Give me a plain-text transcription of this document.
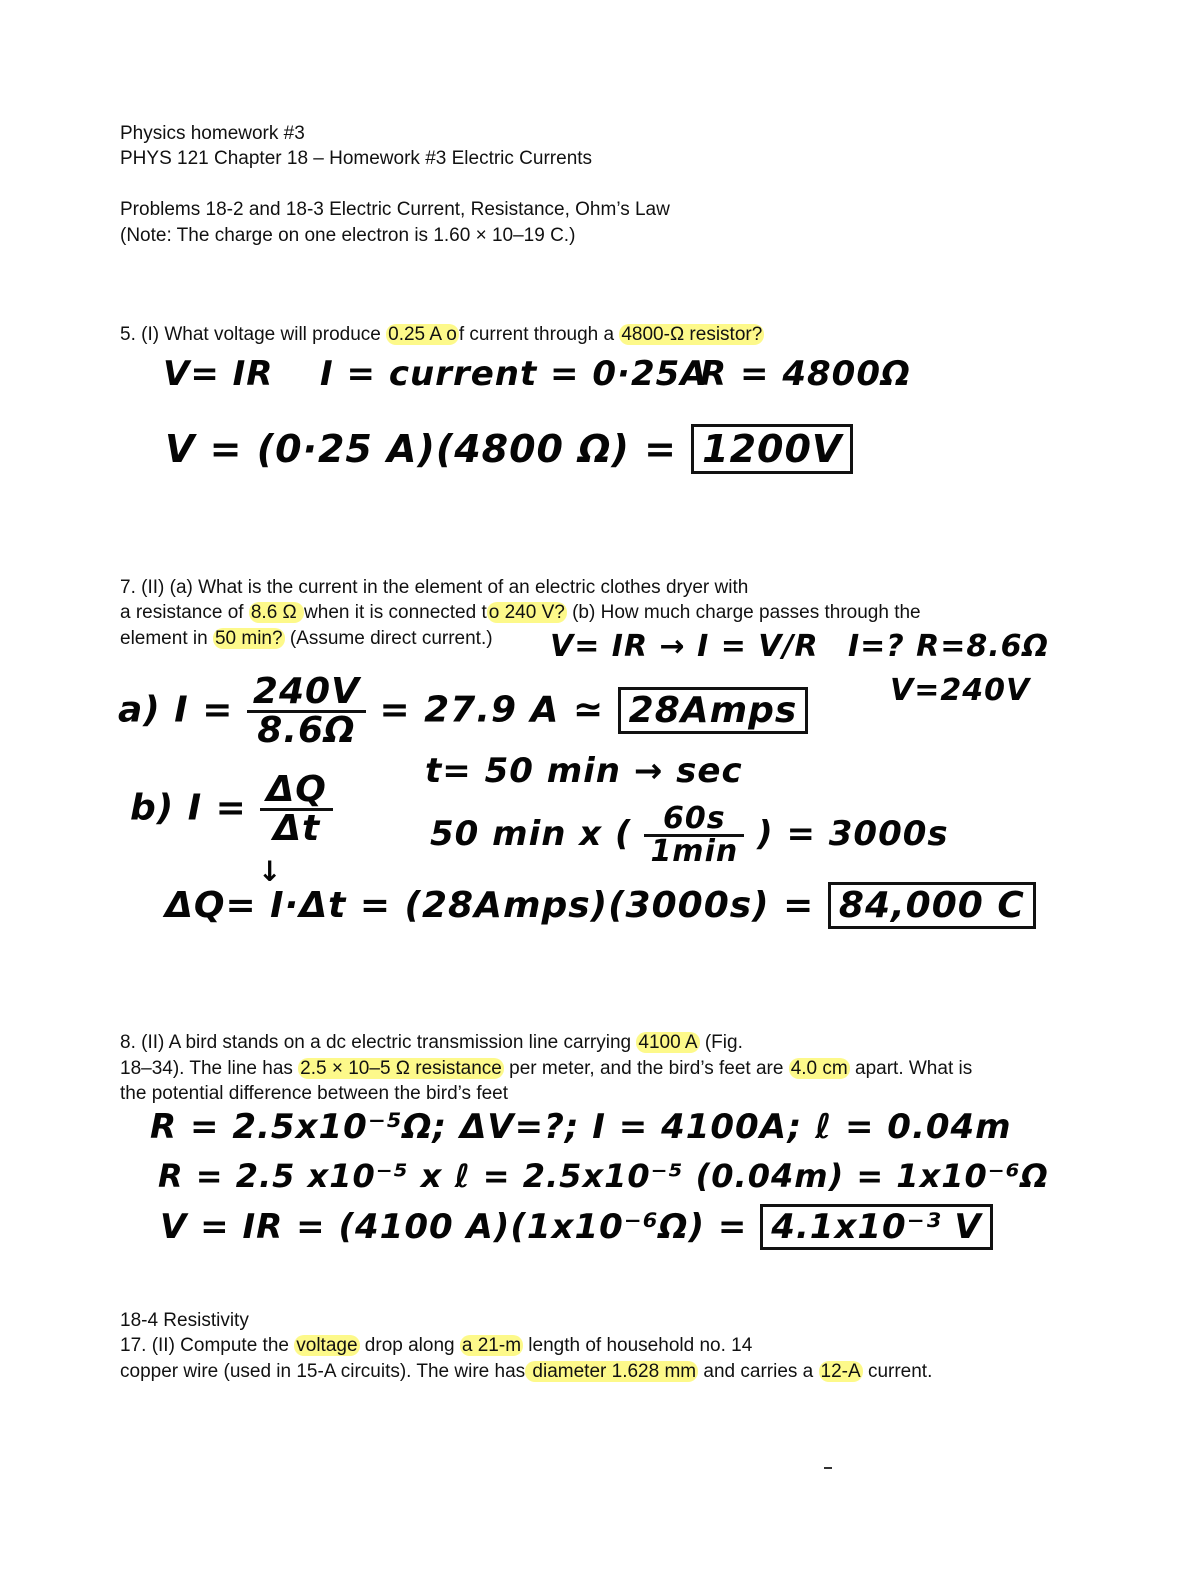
Physics homework #3
PHYS 121 Chapter 18 – Homework #3 Electric Currents
Problems 18-2 and 18-3 Electric Current, Resistance, Ohm’s Law
(Note: The charge on one electron is 1.60 × 10–19 C.)
5. (I) What voltage will produce 0.25 A o f current through a 4800-Ω resistor?
V= IR I = current = 0·25A
R = 4800Ω
V = (0·25 A)(4800 Ω) = 1200V
7. (II) (a) What is the current in the element of an electric clothes dryer with
a resistance of 8.6 Ω when it is connected t o 240 V? (b) How much charge passes through the
element in 50 min? (Assume direct current.) V= IR → I = V/R I=? R=8.6Ω
V=240V
a) $I = \frac{240V}{8.6\Omega} = 27.9$ A ≃ 28Amps
b) $I = \frac{\Delta Q}{\Delta t}$
t= 50 min → sec
50 min x ( $\frac{60s}{1\min}$ ) = 3000s
↓
ΔQ= I·Δt = (28Amps)(3000s) = 84,000 C
8. (II) A bird stands on a dc electric transmission line carrying 4100 A (Fig.
18–34). The line has 2.5 × 10–5 Ω resistance per meter, and the bird’s feet are 4.0 cm apart. What is
the potential difference between the bird’s feet
R = 2.5x10⁻⁵Ω; ΔV=?; I = 4100A; ℓ = 0.04m
R = 2.5 x10⁻⁵ x ℓ = 2.5x10⁻⁵ (0.04m) = 1x10⁻⁶Ω
V = IR = (4100 A)(1x10⁻⁶Ω) = 4.1x10⁻³ V
18-4 Resistivity
17. (II) Compute the voltage drop along a 21-m length of household no. 14
copper wire (used in 15-A circuits). The wire has diameter 1.628 mm and carries a 12-A current.
